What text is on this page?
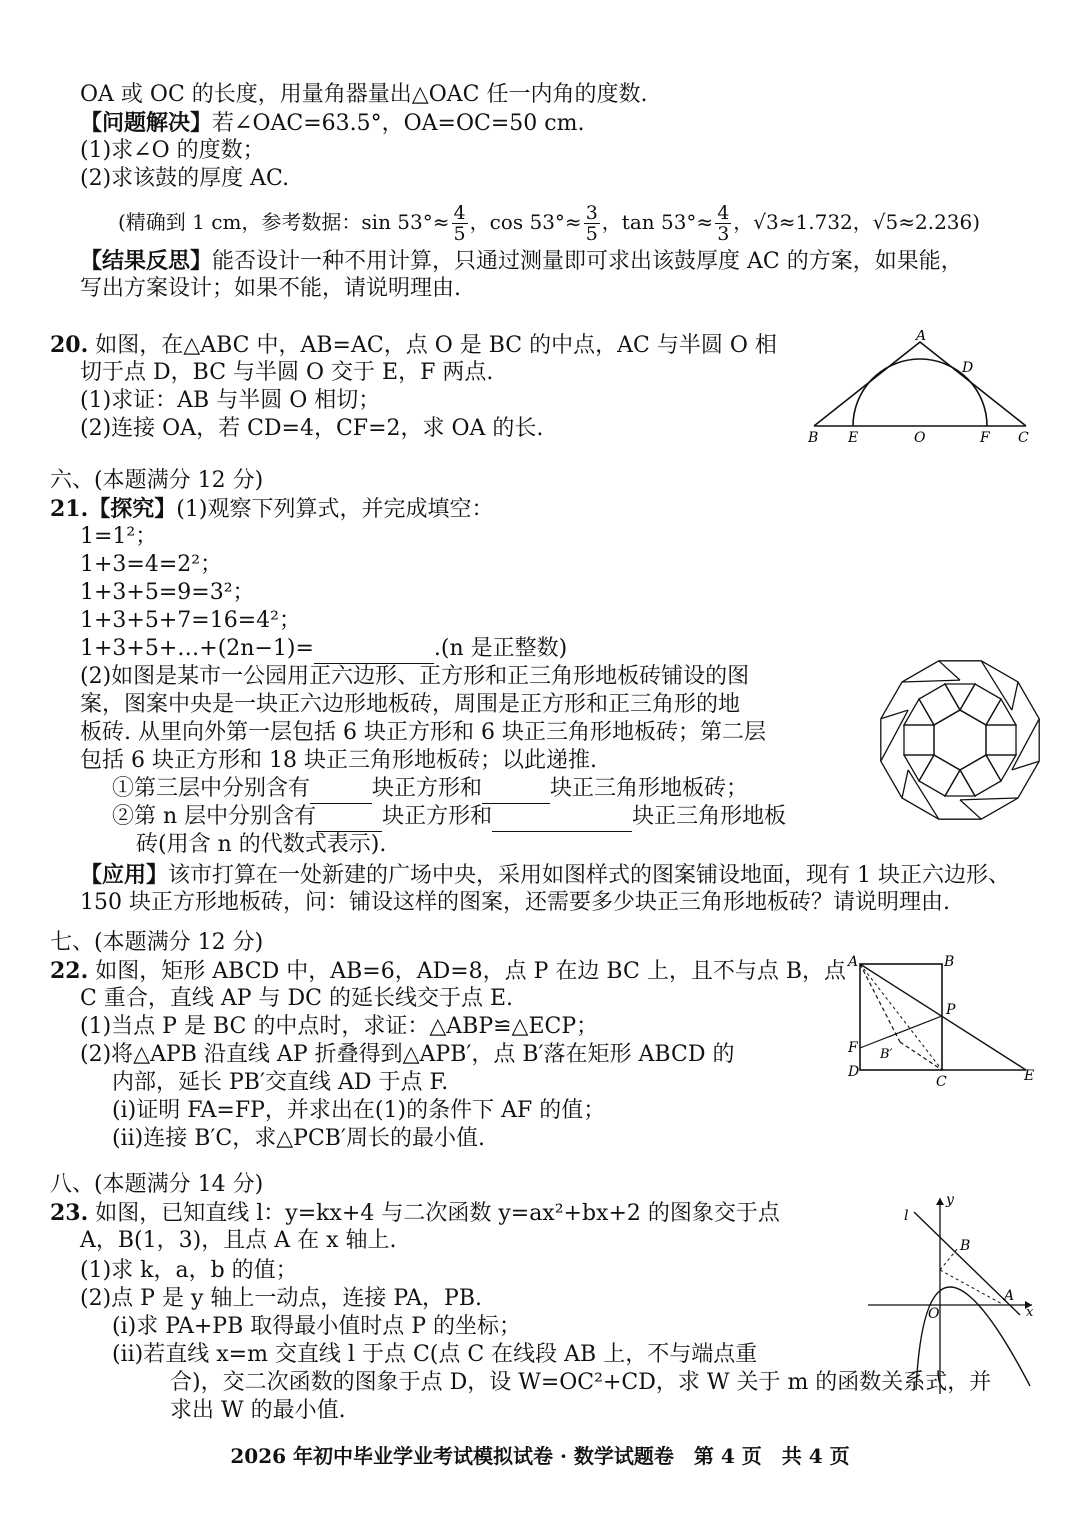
OA 或 OC 的长度，用量角器量出△OAC 任一内角的度数.
【问题解决】若∠OAC=63.5°，OA=OC=50 cm.
(1)求∠O 的度数；
(2)求该鼓的厚度 AC.
(精确到 1 cm，参考数据：$\sin 53^\circ\approx \frac{4}{5}$ ，$\cos 53^\circ\approx \frac{3}{5}$ ，$\tan 53^\circ\approx \frac{4}{3}$ ，√3≈1.732，√5≈2.236)
【结果反思】能否设计一种不用计算，只通过测量即可求出该鼓厚度 AC 的方案，如果能，
写出方案设计；如果不能，请说明理由.
20. 如图，在△ABC 中，AB=AC，点 O 是 BC 的中点，AC 与半圆 O 相
切于点 D，BC 与半圆 O 交于 E，F 两点.
(1)求证：AB 与半圆 O 相切；
(2)连接 OA，若 CD=4，CF=2，求 OA 的长.
A
D
B E	O	F C
六、(本题满分 12 分)
21.【探究】(1)观察下列算式，并完成填空：
1=1²；
1+3=4=2²；
1+3+5=9=3²；
1+3+5+7=16=4²；
1+3+5+…+(2n−1)=	.(n 是正整数)
(2)如图是某市一公园用正六边形、正方形和正三角形地板砖铺设的图
案，图案中央是一块正六边形地板砖，周围是正方形和正三角形的地
板砖. 从里向外第一层包括 6 块正方形和 6 块正三角形地板砖；第二层
包括 6 块正方形和 18 块正三角形地板砖；以此递推.
①第三层中分别含有	块正方形和	块正三角形地板砖；
②第 n 层中分别含有	块正方形和	块正三角形地板
砖(用含 n 的代数式表示).
【应用】该市打算在一处新建的广场中央，采用如图样式的图案铺设地面，现有 1 块正六边形、
150 块正方形地板砖，问：铺设这样的图案，还需要多少块正三角形地板砖？请说明理由.
七、(本题满分 12 分)
22. 如图，矩形 ABCD 中，AB=6，AD=8，点 P 在边 BC 上，且不与点 B，点
C 重合，直线 AP 与 DC 的延长线交于点 E.
(1)当点 P 是 BC 的中点时，求证：△ABP≌△ECP；
(2)将△APB 沿直线 AP 折叠得到△APB′，点 B′落在矩形 ABCD 的
内部，延长 PB′交直线 AD 于点 F.
(ⅰ)证明 FA=FP，并求出在(1)的条件下 AF 的值；
(ⅱ)连接 B′C，求△PCB′周长的最小值.
A	B
P
F B′
D
C	E
八、(本题满分 14 分)
23. 如图，已知直线 l：y=kx+4 与二次函数 y=ax²+bx+2 的图象交于点
A，B(1，3)，且点 A 在 x 轴上.
(1)求 k，a，b 的值；
(2)点 P 是 y 轴上一动点，连接 PA，PB.
(ⅰ)求 PA+PB 取得最小值时点 P 的坐标；
(ⅱ)若直线 x=m 交直线 l 于点 C(点 C 在线段 AB 上，不与端点重
合)，交二次函数的图象于点 D，设 W=OC²+CD，求 W 关于 m 的函数关系式，并
求出 W 的最小值.
l
y
B
A
O	x
2026 年初中毕业学业考试模拟试卷 · 数学试题卷　第 4 页　共 4 页
